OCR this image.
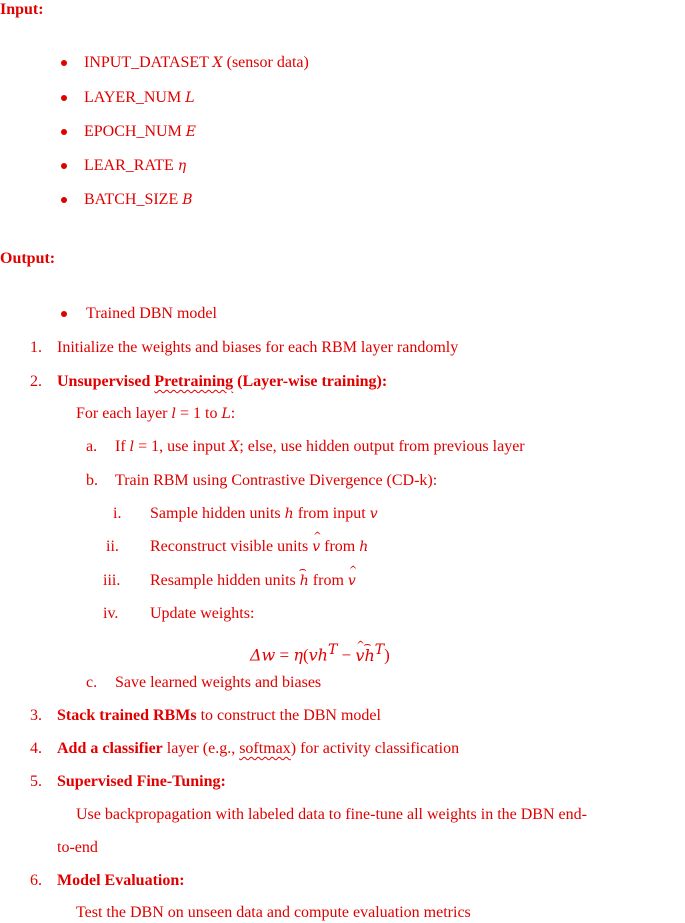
Input:
INPUT_DATASET X (sensor data)
LAYER_NUM L
EPOCH_NUM E
LEAR_RATE η
BATCH_SIZE B
Output:
Trained DBN model
1. Initialize the weights and biases for each RBM layer randomly
2. Unsupervised Pretraining (Layer-wise training):
For each layer l = 1 to L:
a. If l = 1, use input X; else, use hidden output from previous layer
b. Train RBM using Contrastive Divergence (CD-k):
i. Sample hidden units h from input v
ii. Reconstruct visible units ^ v from h
iii. Resample hidden units ⌢ h from ^ v
iv. Update weights:
$\Delta w = \eta(vh^T$ − ^ v⌢ $h^T$)
c. Save learned weights and biases
3. Stack trained RBMs to construct the DBN model
4. Add a classifier layer (e.g., softmax) for activity classification
5. Supervised Fine-Tuning:
Use backpropagation with labeled data to fine-tune all weights in the DBN end-
to-end
6. Model Evaluation:
Test the DBN on unseen data and compute evaluation metrics
